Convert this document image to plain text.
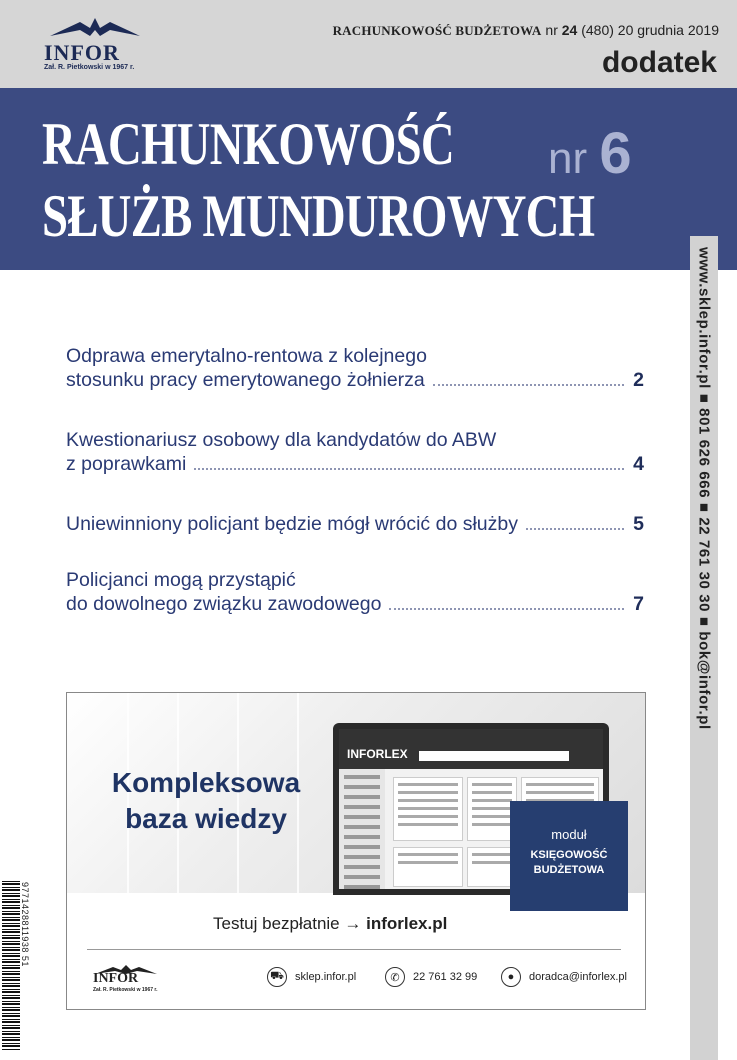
INFOR
Zał. R. Pietkowski w 1967 r.
RACHUNKOWOŚĆ BUDŻETOWA nr 24 (480) 20 grudnia 2019
dodatek
RACHUNKOWOŚĆ
SŁUŻB MUNDUROWYCH
nr 6
www.sklep.infor.pl ■ 801 626 666 ■ 22 761 30 30 ■ bok@infor.pl
Odprawa emerytalno-rentowa z kolejnego
stosunku pracy emerytowanego żołnierza	2
Kwestionariusz osobowy dla kandydatów do ABW
z poprawkami	4
Uniewinniony policjant będzie mógł wrócić do służby	5
Policjanci mogą przystąpić
do dowolnego związku zawodowego	7
Kompleksowa
baza wiedzy
INFORLEX
moduł
KSIĘGOWOŚĆ BUDŻETOWA
Testuj bezpłatnie → inforlex.pl
INFOR
Zał. R. Pietkowski w 1967 r.
⛟ sklep.infor.pl	✆	22 761 32 99	●	doradca@inforlex.pl
9771428811938 51
